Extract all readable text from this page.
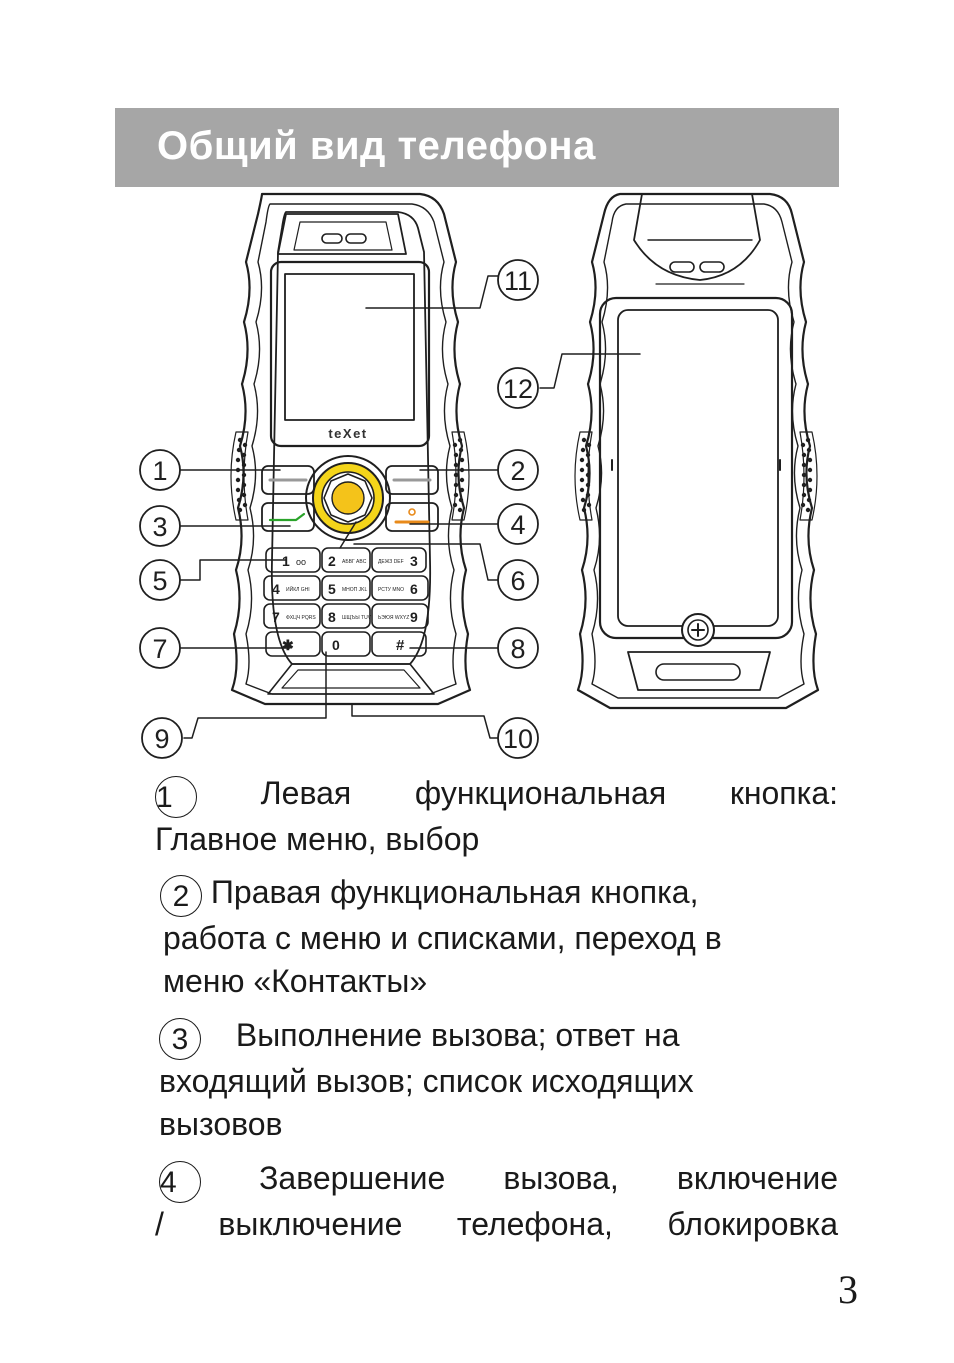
Общий вид телефона
teXet
1 oo 2 АБВГ ABC	3
ДЕЖЗ DEF
4 ИЙКЛ GHI 5 МНОП JKL	6
РСТУ MNO
7 ФХЦЧ PQRS 8 ШЩЪЫ TUV	9
ЬЭЮЯ WXYZ
✱	0	#
11
12
1	2
3	4
5	6
7	8
9	10
1	Левая функциональная кнопка:
Главное меню, выбор
2 Правая функциональная кнопка,
работа с меню и списками, переход в
меню «Контакты»
3 Выполнение вызова; ответ на
входящий вызов; список исходящих
вызовов
4	Завершение вызова, включение
/ выключение телефона, блокировка
3
